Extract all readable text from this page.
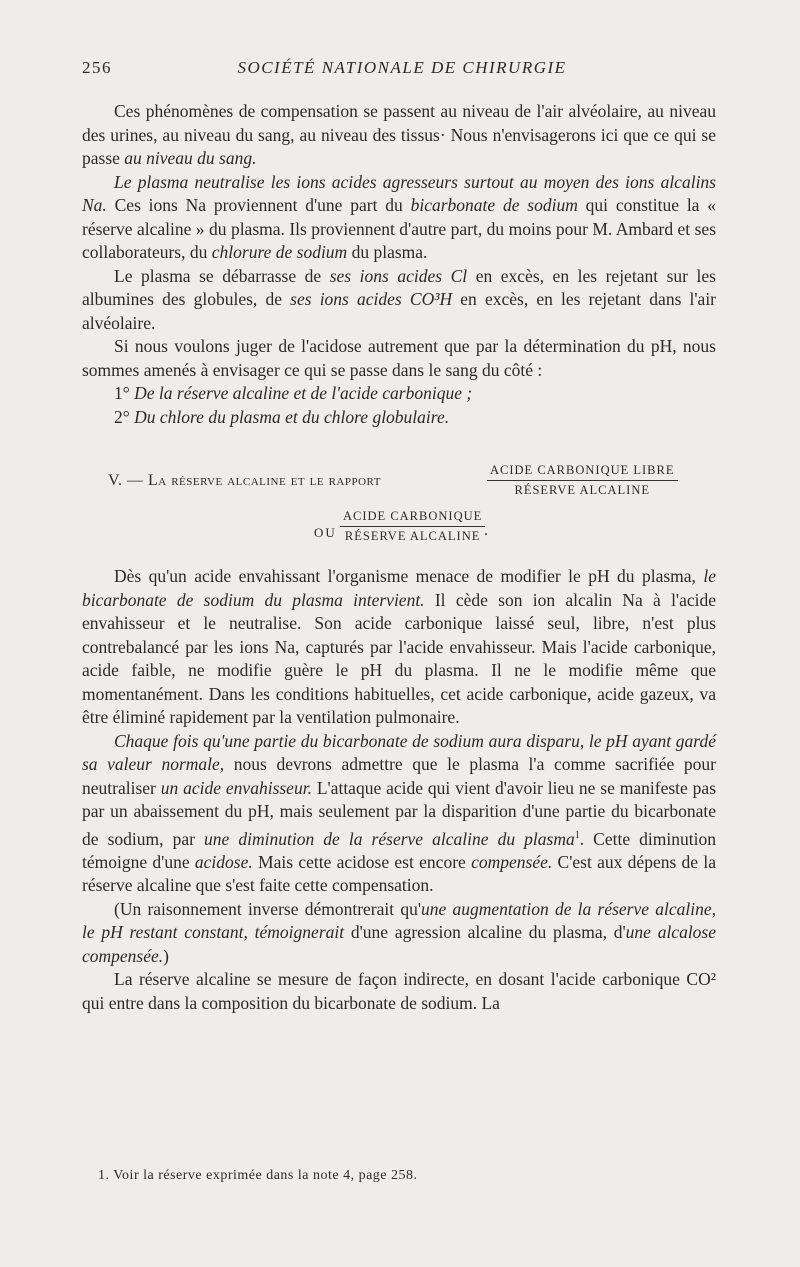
256	SOCIÉTÉ NATIONALE DE CHIRURGIE

Ces phénomènes de compensation se passent au niveau de l'air alvéolaire, au niveau des urines, au niveau du sang, au niveau des tissus· Nous n'envisagerons ici que ce qui se passe au niveau du sang.

Le plasma neutralise les ions acides agresseurs surtout au moyen des ions alcalins Na. Ces ions Na proviennent d'une part du bicarbonate de sodium qui constitue la « réserve alcaline » du plasma. Ils proviennent d'autre part, du moins pour M. Ambard et ses collaborateurs, du chlorure de sodium du plasma.

Le plasma se débarrasse de ses ions acides Cl en excès, en les rejetant sur les albumines des globules, de ses ions acides CO³H en excès, en les rejetant dans l'air alvéolaire.

Si nous voulons juger de l'acidose autrement que par la détermination du pH, nous sommes amenés à envisager ce qui se passe dans le sang du côté :

1° De la réserve alcaline et de l'acide carbonique ;

2° Du chlore du plasma et du chlore globulaire.

V. — La réserve alcaline et le rapport
ACIDE CARBONIQUE LIBRE
RÉSERVE ALCALINE
OU
ACIDE CARBONIQUE
RÉSERVE ALCALINE .

Dès qu'un acide envahissant l'organisme menace de modifier le pH du plasma, le bicarbonate de sodium du plasma intervient. Il cède son ion alcalin Na à l'acide envahisseur et le neutralise. Son acide carbonique laissé seul, libre, n'est plus contrebalancé par les ions Na, capturés par l'acide envahisseur. Mais l'acide carbonique, acide faible, ne modifie guère le pH du plasma. Il ne le modifie même que momentanément. Dans les conditions habituelles, cet acide carbonique, acide gazeux, va être éliminé rapidement par la ventilation pulmonaire.

Chaque fois qu'une partie du bicarbonate de sodium aura disparu, le pH ayant gardé sa valeur normale, nous devrons admettre que le plasma l'a comme sacrifiée pour neutraliser un acide envahisseur. L'attaque acide qui vient d'avoir lieu ne se manifeste pas par un abaissement du pH, mais seulement par la disparition d'une partie du bicarbonate de sodium, par une diminution de la réserve alcaline du plasma$^1$. Cette diminution témoigne d'une acidose. Mais cette acidose est encore compensée. C'est aux dépens de la réserve alcaline que s'est faite cette compensation.

(Un raisonnement inverse démontrerait qu'une augmentation de la réserve alcaline, le pH restant constant, témoignerait d'une agression alcaline du plasma, d'une alcalose compensée.)

La réserve alcaline se mesure de façon indirecte, en dosant l'acide carbonique CO² qui entre dans la composition du bicarbonate de sodium. La

1. Voir la réserve exprimée dans la note 4, page 258.
